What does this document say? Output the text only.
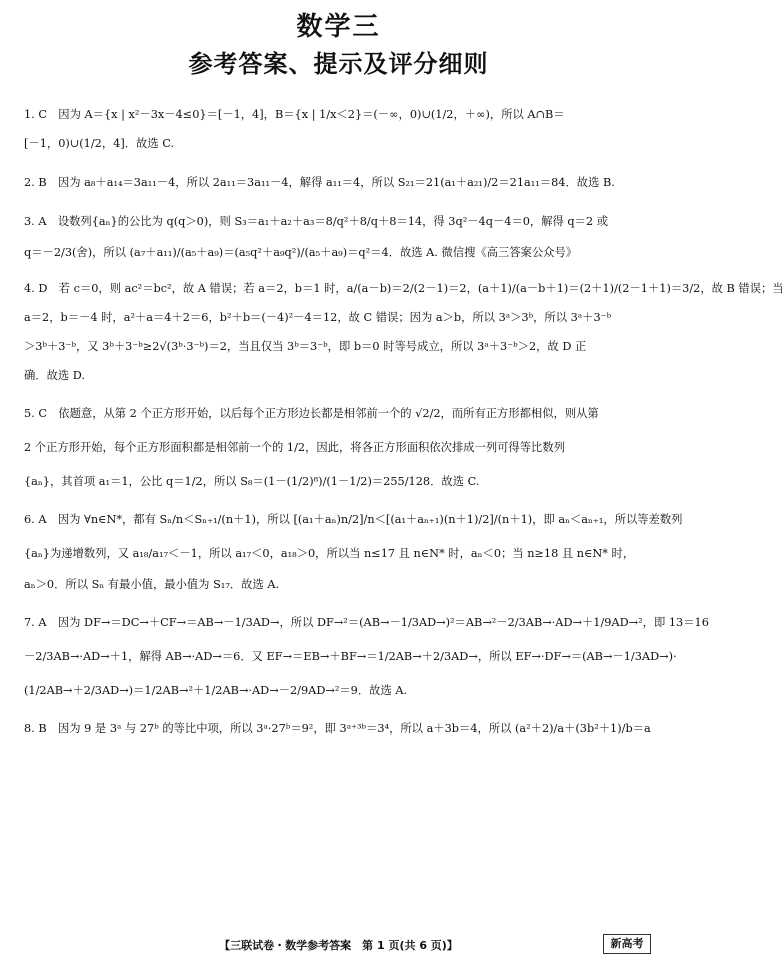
数学三
参考答案、提示及评分细则

1. C　因为 A＝{x | x²－3x－4≤0}＝[－1，4]，B＝{x | 1/x＜2}＝(－∞，0)∪(1/2，＋∞)，所以 A∩B＝

[－1，0)∪(1/2，4]．故选 C.

2. B　因为 a₈＋a₁₄＝3a₁₁－4，所以 2a₁₁＝3a₁₁－4，解得 a₁₁＝4，所以 S₂₁＝21(a₁＋a₂₁)/2＝21a₁₁＝84．故选 B.

3. A　设数列{aₙ}的公比为 q(q＞0)，则 S₃＝a₁＋a₂＋a₃＝8/q²＋8/q＋8＝14，得 3q²－4q－4＝0，解得 q＝2 或

q＝－2/3(舍)，所以 (a₇＋a₁₁)/(a₅＋a₉)＝(a₅q²＋a₉q²)/(a₅＋a₉)＝q²＝4．故选 A. 微信搜《高三答案公众号》

4. D　若 c＝0，则 ac²＝bc²，故 A 错误；若 a＝2，b＝1 时，a/(a－b)＝2/(2－1)＝2，(a＋1)/(a－b＋1)＝(2＋1)/(2－1＋1)＝3/2，故 B 错误；当

a＝2，b＝－4 时，a²＋a＝4＋2＝6，b²＋b＝(－4)²－4＝12，故 C 错误；因为 a＞b，所以 3ᵃ＞3ᵇ，所以 3ᵃ＋3⁻ᵇ

＞3ᵇ＋3⁻ᵇ，又 3ᵇ＋3⁻ᵇ≥2√(3ᵇ·3⁻ᵇ)＝2，当且仅当 3ᵇ＝3⁻ᵇ，即 b＝0 时等号成立，所以 3ᵃ＋3⁻ᵇ＞2，故 D 正

确．故选 D.

5. C　依题意，从第 2 个正方形开始，以后每个正方形边长都是相邻前一个的 √2/2，而所有正方形都相似，则从第

2 个正方形开始，每个正方形面积都是相邻前一个的 1/2，因此，将各正方形面积依次排成一列可得等比数列

{aₙ}，其首项 a₁＝1，公比 q＝1/2，所以 S₈＝(1－(1/2)⁸)/(1－1/2)＝255/128．故选 C.

6. A　因为 ∀n∈N*，都有 Sₙ/n＜Sₙ₊₁/(n＋1)，所以 [(a₁＋aₙ)n/2]/n＜[(a₁＋aₙ₊₁)(n＋1)/2]/(n＋1)，即 aₙ＜aₙ₊₁，所以等差数列

{aₙ}为递增数列，又 a₁₈/a₁₇＜－1，所以 a₁₇＜0，a₁₈＞0，所以当 n≤17 且 n∈N* 时，aₙ＜0；当 n≥18 且 n∈N* 时，

aₙ＞0．所以 Sₙ 有最小值，最小值为 S₁₇．故选 A.

7. A　因为 DF→＝DC→＋CF→＝AB→－1/3AD→，所以 DF→²＝(AB→－1/3AD→)²＝AB→²－2/3AB→·AD→＋1/9AD→²，即 13＝16

－2/3AB→·AD→＋1，解得 AB→·AD→＝6．又 EF→＝EB→＋BF→＝1/2AB→＋2/3AD→，所以 EF→·DF→＝(AB→－1/3AD→)·

(1/2AB→＋2/3AD→)＝1/2AB→²＋1/2AB→·AD→－2/9AD→²＝9．故选 A.

8. B　因为 9 是 3ᵃ 与 27ᵇ 的等比中项，所以 3ᵃ·27ᵇ＝9²，即 3ᵃ⁺³ᵇ＝3⁴，所以 a＋3b＝4，所以 (a²＋2)/a＋(3b²＋1)/b＝a

【三联试卷・数学参考答案　第 1 页(共 6 页)】	新高考
